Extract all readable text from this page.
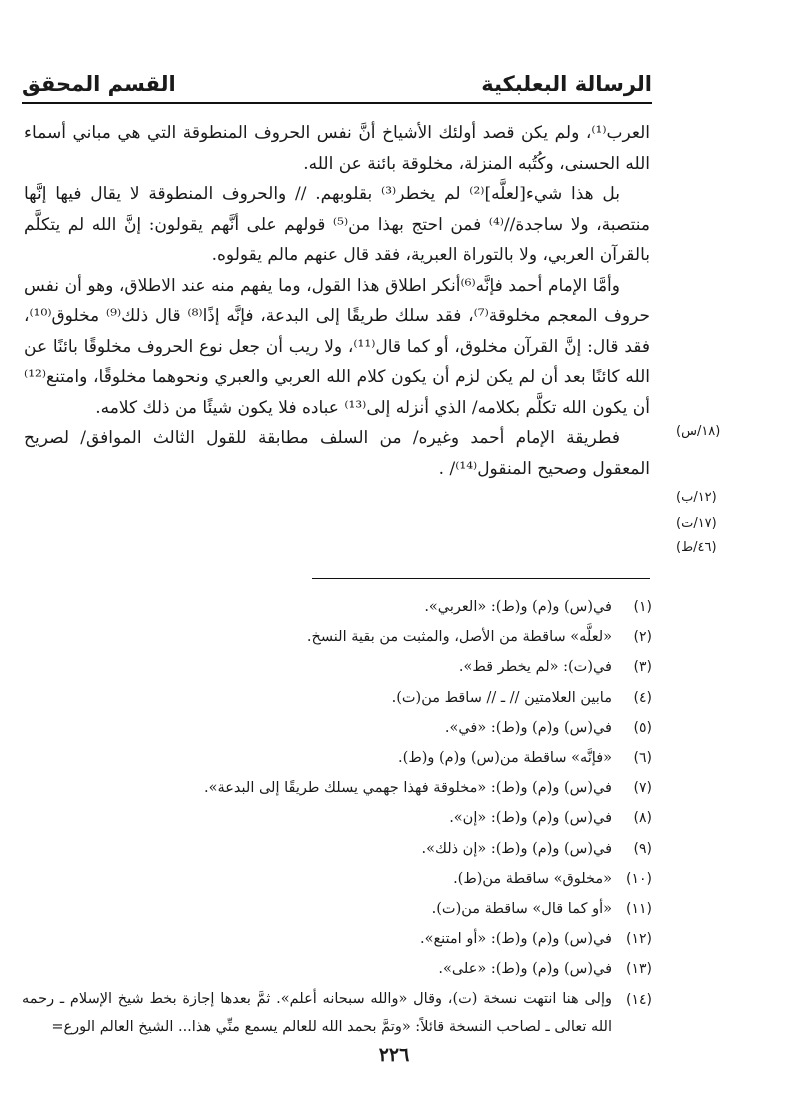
الرسالة البعلبكية
القسم المحقق

العرب⁽¹⁾، ولم يكن قصد أولئك الأشياخ أنَّ نفس الحروف المنطوقة التي هي مباني أسماء الله الحسنى، وكُتُبه المنزلة، مخلوقة بائنة عن الله.

بل هذا شيء[لعلَّه]⁽²⁾ لم يخطر⁽³⁾ بقلوبهم. // والحروف المنطوقة لا يقال فيها إنَّها منتصبة، ولا ساجدة//⁽⁴⁾ فمن احتج بهذا من⁽⁵⁾ قولهم على أنَّهم يقولون: إنَّ الله لم يتكلَّم بالقرآن العربي، ولا بالتوراة العبرية، فقد قال عنهم مالم يقولوه.

وأمَّا الإمام أحمد فإنَّه⁽⁶⁾أنكر اطلاق هذا القول، وما يفهم منه عند الاطلاق، وهو أن نفس حروف المعجم مخلوقة⁽⁷⁾، فقد سلك طريقًا إلى البدعة، فإنَّه إذًا⁽⁸⁾ قال ذلك⁽⁹⁾ مخلوق⁽¹⁰⁾، فقد قال: إنَّ القرآن مخلوق، أو كما قال⁽¹¹⁾، ولا ريب أن جعل نوع الحروف مخلوقًا بائنًا عن الله كائنًا بعد أن لم يكن لزم أن يكون كلام الله العربي والعبري ونحوهما مخلوقًا، وامتنع⁽¹²⁾ أن يكون الله تكلَّم بكلامه/ الذي أنزله إلى⁽¹³⁾ عباده فلا يكون شيئًا من ذلك كلامه.

فطريقة الإمام أحمد وغيره/ من السلف مطابقة للقول الثالث الموافق/ لصريح المعقول وصحيح المنقول⁽¹⁴⁾/ .

(١٨/س)
(١٢/ب)
(١٧/ت)
(٤٦/ط)
(١)
في(س) و(م) و(ط): «العربي».
(٢)
«لعلَّه» ساقطة من الأصل، والمثبت من بقية النسخ.
(٣)
في(ت): «لم يخطر قط».
(٤)
مابين العلامتين // ـ // ساقط من(ت).
(٥)
في(س) و(م) و(ط): «في».
(٦)
«فإنَّه» ساقطة من(س) و(م) و(ط).
(٧)
في(س) و(م) و(ط): «مخلوقة فهذا جهمي يسلك طريقًا إلى البدعة».
(٨)
في(س) و(م) و(ط): «إن».
(٩)
في(س) و(م) و(ط): «إن ذلك».
(١٠)
«مخلوق» ساقطة من(ط).
(١١)
«أو كما قال» ساقطة من(ت).
(١٢)
في(س) و(م) و(ط): «أو امتنع».
(١٣)
في(س) و(م) و(ط): «على».
(١٤)
وإلى هنا انتهت نسخة (ت)، وقال «والله سبحانه أعلم». ثمَّ بعدها إجازة بخط شيخ الإسلام ـ رحمه الله تعالى ـ لصاحب النسخة قائلاً: «وتمَّ بحمد الله للعالم يسمع منِّي هذا... الشيخ العالم الورع=
٢٢٦
